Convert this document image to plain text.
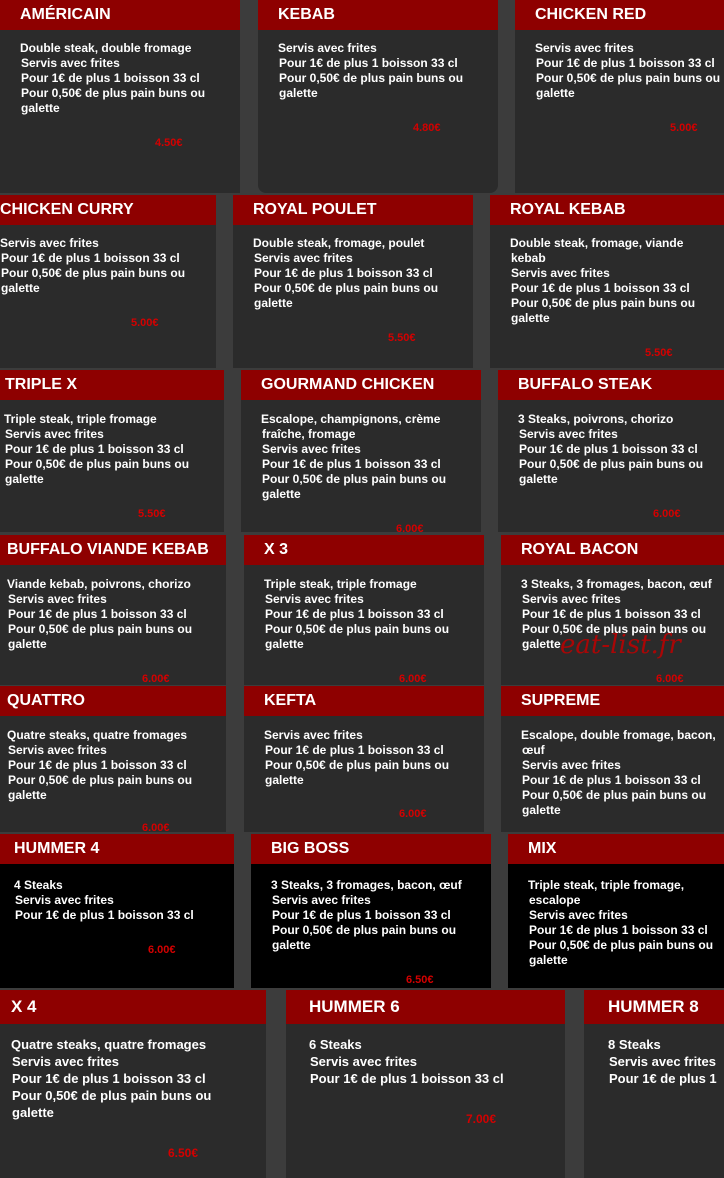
AMÉRICAIN
Double steak, double fromage
Servis avec frites
Pour 1€ de plus 1 boisson 33 cl
Pour 0,50€ de plus pain buns ou
galette
4.50€
KEBAB
Servis avec frites
Pour 1€ de plus 1 boisson 33 cl
Pour 0,50€ de plus pain buns ou
galette
4.80€
CHICKEN RED
Servis avec frites
Pour 1€ de plus 1 boisson 33 cl
Pour 0,50€ de plus pain buns ou
galette
5.00€
CHICKEN CURRY
Servis avec frites
Pour 1€ de plus 1 boisson 33 cl
Pour 0,50€ de plus pain buns ou
galette
5.00€
ROYAL POULET
Double steak, fromage, poulet
Servis avec frites
Pour 1€ de plus 1 boisson 33 cl
Pour 0,50€ de plus pain buns ou
galette
5.50€
ROYAL KEBAB
Double steak, fromage, viande
kebab
Servis avec frites
Pour 1€ de plus 1 boisson 33 cl
Pour 0,50€ de plus pain buns ou
galette
5.50€
TRIPLE X
Triple steak, triple fromage
Servis avec frites
Pour 1€ de plus 1 boisson 33 cl
Pour 0,50€ de plus pain buns ou
galette
5.50€
GOURMAND CHICKEN
Escalope, champignons, crème
fraîche, fromage
Servis avec frites
Pour 1€ de plus 1 boisson 33 cl
Pour 0,50€ de plus pain buns ou
galette
6.00€
BUFFALO STEAK
3 Steaks, poivrons, chorizo
Servis avec frites
Pour 1€ de plus 1 boisson 33 cl
Pour 0,50€ de plus pain buns ou
galette
6.00€
BUFFALO VIANDE KEBAB
Viande kebab, poivrons, chorizo
Servis avec frites
Pour 1€ de plus 1 boisson 33 cl
Pour 0,50€ de plus pain buns ou
galette
6.00€
X 3
Triple steak, triple fromage
Servis avec frites
Pour 1€ de plus 1 boisson 33 cl
Pour 0,50€ de plus pain buns ou
galette
6.00€
ROYAL BACON
3 Steaks, 3 fromages, bacon, œuf
Servis avec frites
Pour 1€ de plus 1 boisson 33 cl
Pour 0,50€ de plus pain buns ou
galette
6.00€
QUATTRO
Quatre steaks, quatre fromages
Servis avec frites
Pour 1€ de plus 1 boisson 33 cl
Pour 0,50€ de plus pain buns ou
galette
6.00€
KEFTA
Servis avec frites
Pour 1€ de plus 1 boisson 33 cl
Pour 0,50€ de plus pain buns ou
galette
6.00€
SUPREME
Escalope, double fromage, bacon,
œuf
Servis avec frites
Pour 1€ de plus 1 boisson 33 cl
Pour 0,50€ de plus pain buns ou
galette
HUMMER 4
4 Steaks
Servis avec frites
Pour 1€ de plus 1 boisson 33 cl
6.00€
BIG BOSS
3 Steaks, 3 fromages, bacon, œuf
Servis avec frites
Pour 1€ de plus 1 boisson 33 cl
Pour 0,50€ de plus pain buns ou
galette
6.50€
MIX
Triple steak, triple fromage,
escalope
Servis avec frites
Pour 1€ de plus 1 boisson 33 cl
Pour 0,50€ de plus pain buns ou
galette
X 4
Quatre steaks, quatre fromages
Servis avec frites
Pour 1€ de plus 1 boisson 33 cl
Pour 0,50€ de plus pain buns ou
galette
6.50€
HUMMER 6
6 Steaks
Servis avec frites
Pour 1€ de plus 1 boisson 33 cl
7.00€
HUMMER 8
8 Steaks
Servis avec frites
Pour 1€ de plus 1
eat-list.fr
